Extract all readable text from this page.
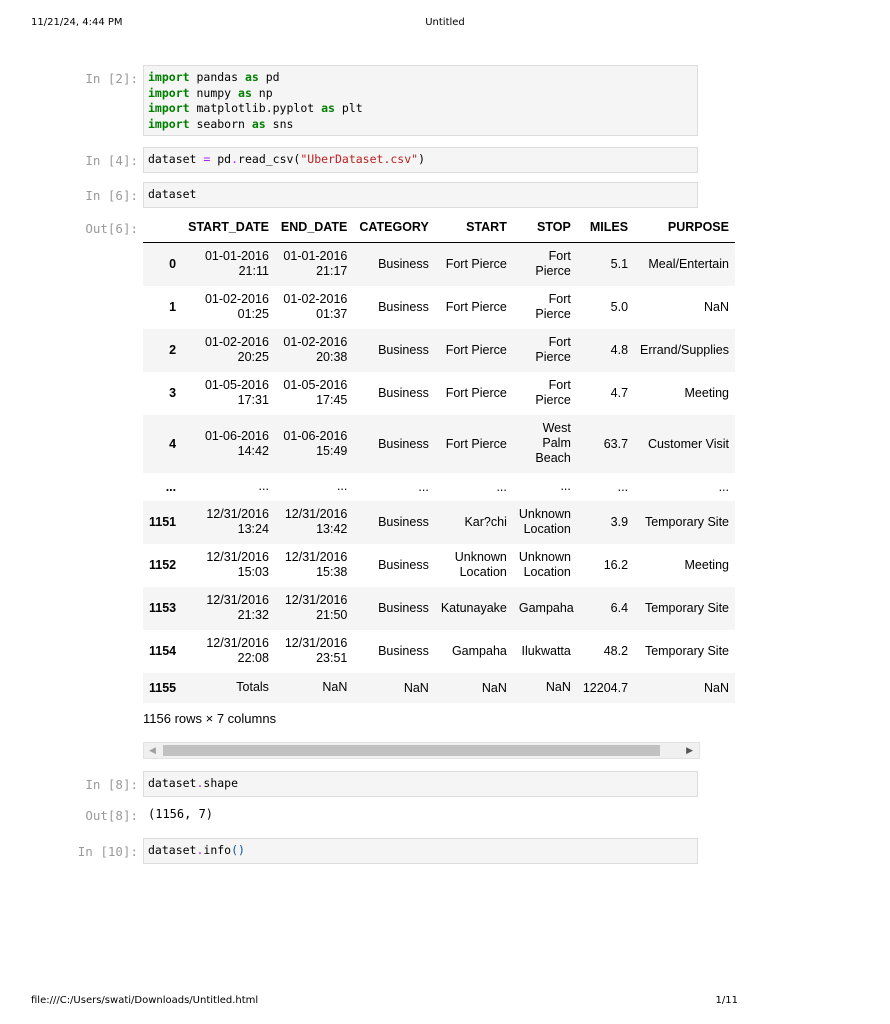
11/21/24, 4:44 PM	Untitled
In [2]: import pandas as pd
import numpy as np
import matplotlib.pyplot as plt
import seaborn as sns
In [4]: dataset = pd.read_csv("UberDataset.csv")
In [6]: dataset
Out[6]:
		START_DATE	END_DATE	CATEGORY	START	STOP	MILES	PURPOSE
0	01-01-2016 21:11	01-01-2016 21:17	Business	Fort Pierce	Fort Pierce	5.1	Meal/Entertain
1	01-02-2016 01:25	01-02-2016 01:37	Business	Fort Pierce	Fort Pierce	5.0	NaN
2	01-02-2016 20:25	01-02-2016 20:38	Business	Fort Pierce	Fort Pierce	4.8	Errand/Supplies
3	01-05-2016 17:31	01-05-2016 17:45	Business	Fort Pierce	Fort Pierce	4.7	Meeting
4	01-06-2016 14:42	01-06-2016 15:49	Business	Fort Pierce	West Palm Beach	63.7	Customer Visit
...	...	...	...	...	...	...	...
1151	12/31/2016 13:24	12/31/2016 13:42	Business	Kar?chi	Unknown Location	3.9	Temporary Site
1152	12/31/2016 15:03	12/31/2016 15:38	Business	Unknown Location	Unknown Location	16.2	Meeting
1153	12/31/2016 21:32	12/31/2016 21:50	Business	Katunayake	Gampaha	6.4	Temporary Site
1154	12/31/2016 22:08	12/31/2016 23:51	Business	Gampaha	Ilukwatta	48.2	Temporary Site
1155	Totals	NaN	NaN	NaN	NaN	12204.7	NaN
1156 rows × 7 columns
◀	▶
In [8]: dataset.shape
Out[8]: (1156, 7)
In [10]: dataset.info()
file:///C:/Users/swati/Downloads/Untitled.html	1/11
